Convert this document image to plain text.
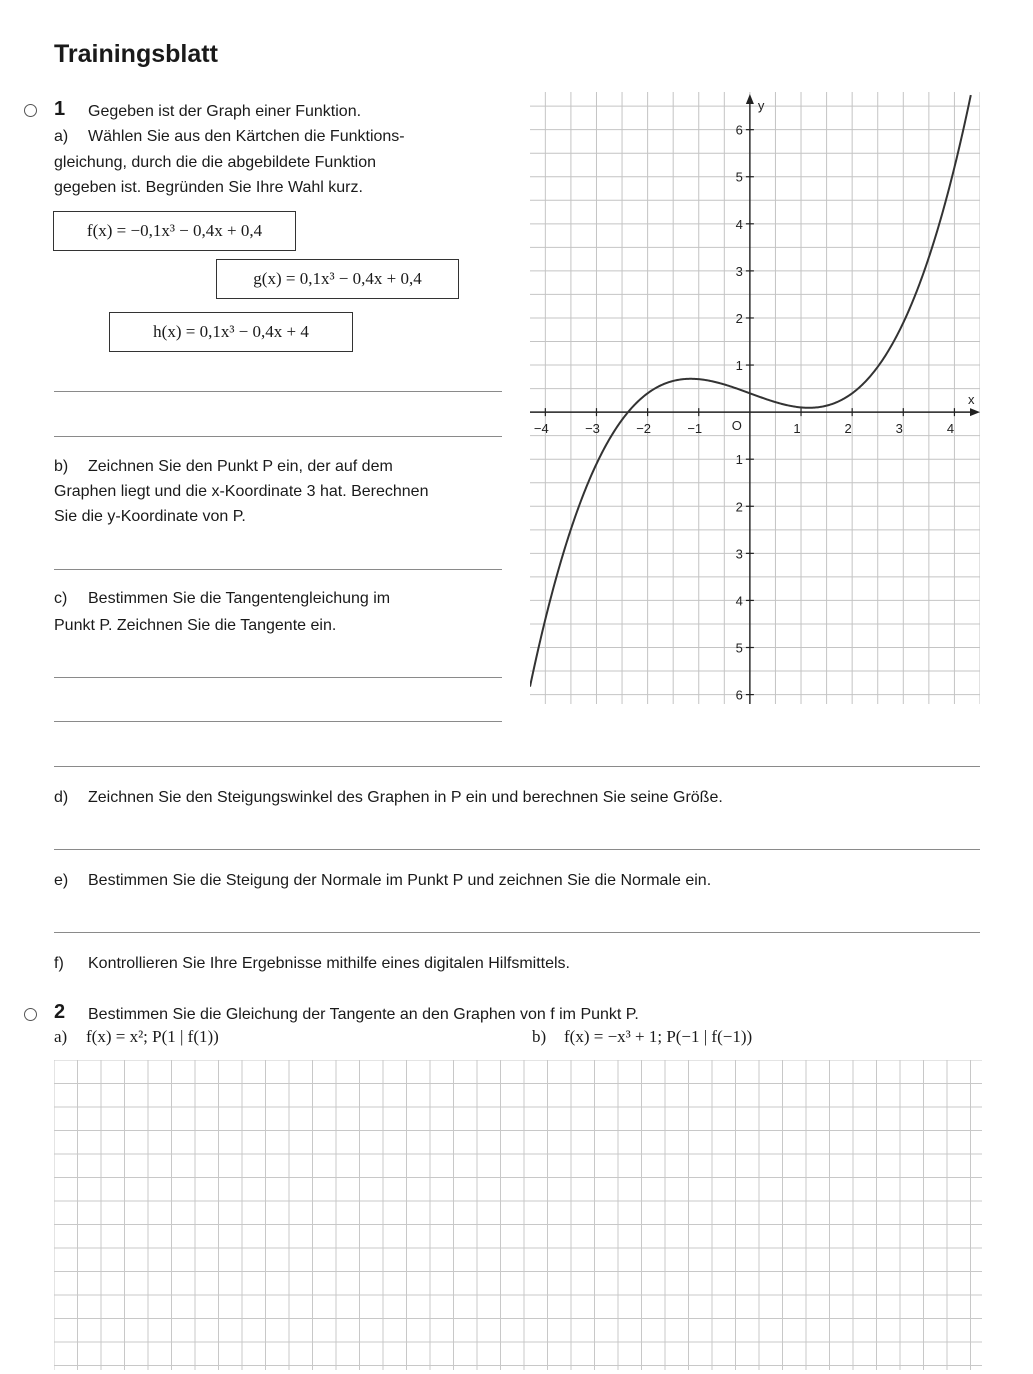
Trainingsblatt
1 Gegeben ist der Graph einer Funktion.
a) Wählen Sie aus den Kärtchen die Funktions-
gleichung, durch die die abgebildete Funktion
gegeben ist. Begründen Sie Ihre Wahl kurz.
f(x) = −0,1x³ − 0,4x + 0,4
g(x) = 0,1x³ − 0,4x + 0,4
h(x) = 0,1x³ − 0,4x + 4
b) Zeichnen Sie den Punkt P ein, der auf dem
Graphen liegt und die x-Koordinate 3 hat. Berechnen
Sie die y-Koordinate von P.
c) Bestimmen Sie die Tangentengleichung im
Punkt P. Zeichnen Sie die Tangente ein.
d) Zeichnen Sie den Steigungswinkel des Graphen in P ein und berechnen Sie seine Größe.
e) Bestimmen Sie die Steigung der Normale im Punkt P und zeichnen Sie die Normale ein.
f) Kontrollieren Sie Ihre Ergebnisse mithilfe eines digitalen Hilfsmittels.
2 Bestimmen Sie die Gleichung der Tangente an den Graphen von f im Punkt P.
a) f(x) = x²; P(1 | f(1))	b) f(x) = −x³ + 1; P(−1 | f(−1))
−4	−3	−2	−1	1	2	3	4
6
5
4
3
2
1
1
2
3
4
5
6
x
y
O
